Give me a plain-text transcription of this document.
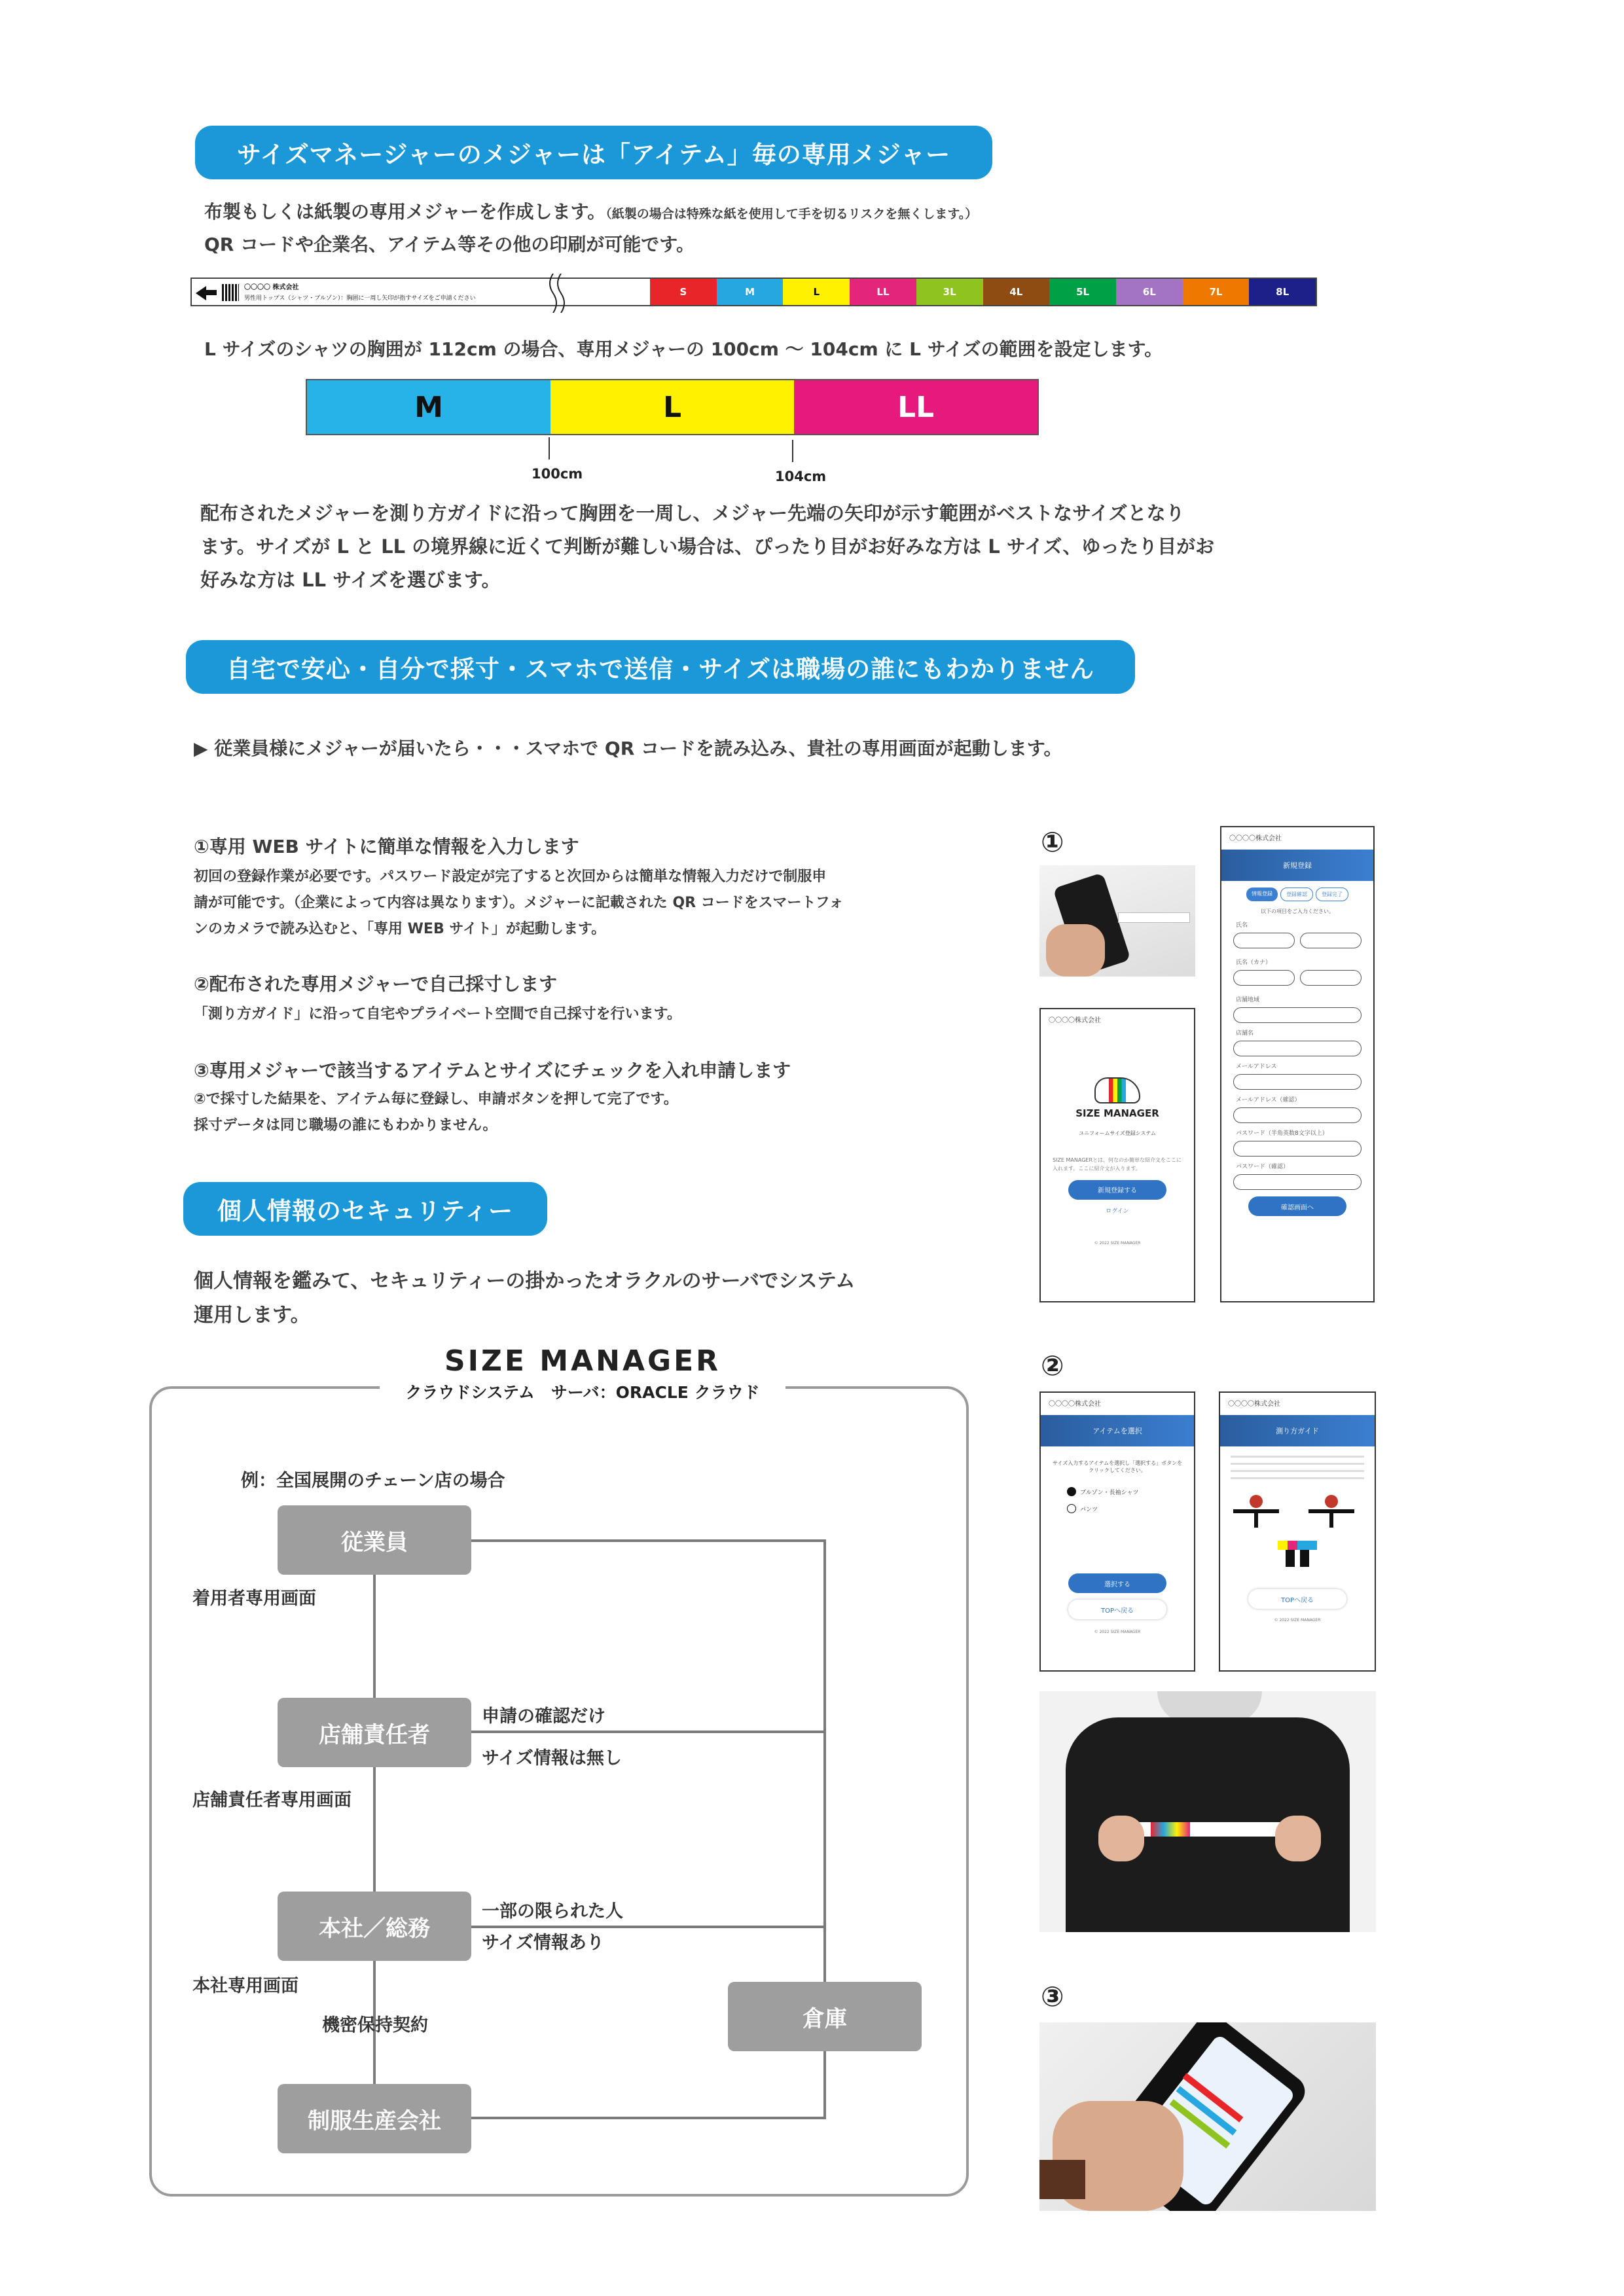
サイズマネージャーのメジャーは「アイテム」毎の専用メジャー
布製もしくは紙製の専用メジャーを作成します。（紙製の場合は特殊な紙を使用して手を切るリスクを無くします。）
QR コードや企業名、アイテム等その他の印刷が可能です。
〇〇〇〇 株式会社
男性用トップス（シャツ・ブルゾン）：胸囲に一周し矢印が指すサイズをご申請ください
S	M	L	LL	3L	4L	5L	6L	7L	8L
L サイズのシャツの胸囲が 112cm の場合、専用メジャーの 100cm ～ 104cm に L サイズの範囲を設定します。
M	L	LL
100cm	104cm
配布されたメジャーを測り方ガイドに沿って胸囲を一周し、メジャー先端の矢印が示す範囲がベストなサイズとなり
ます。サイズが L と LL の境界線に近くて判断が難しい場合は、ぴったり目がお好みな方は L サイズ、ゆったり目がお
好みな方は LL サイズを選びます。
自宅で安心・自分で採寸・スマホで送信・サイズは職場の誰にもわかりません
▶ 従業員様にメジャーが届いたら・・・スマホで QR コードを読み込み、貴社の専用画面が起動します。
①専用 WEB サイトに簡単な情報を入力します
初回の登録作業が必要です。パスワード設定が完了すると次回からは簡単な情報入力だけで制服申
請が可能です。（企業によって内容は異なります）。メジャーに記載された QR コードをスマートフォ
ンのカメラで読み込むと、「専用 WEB サイト」が起動します。
②配布された専用メジャーで自己採寸します
「測り方ガイド」に沿って自宅やプライベート空間で自己採寸を行います。
③専用メジャーで該当するアイテムとサイズにチェックを入れ申請します
②で採寸した結果を、アイテム毎に登録し、申請ボタンを押して完了です。
採寸データは同じ職場の誰にもわかりません。
個人情報のセキュリティー
個人情報を鑑みて、セキュリティーの掛かったオラクルのサーバでシステム
運用します。
SIZE MANAGER
クラウドシステム　サーバ：ORACLE クラウド
例：全国展開のチェーン店の場合
従業員
着用者専用画面
店舗責任者
申請の確認だけ
サイズ情報は無し
店舗責任者専用画面
本社／総務
一部の限られた人
サイズ情報あり
本社専用画面
機密保持契約
制服生産会社
倉庫
①	〇〇〇〇株式会社
新規登録
情報登録	登録確認	登録完了
以下の項目をご入力ください。
氏名
氏名（カナ）
店舗地域
店舗名
メールアドレス
メールアドレス（確認）
パスワード（半角英数8文字以上）
パスワード（確認）
確認画面へ
〇〇〇〇株式会社
SIZE MANAGER
ユニフォームサイズ登録システム
SIZE MANAGERとは、何なのか簡単な紹介文をここに入れます。ここに紹介文が入ります。
新規登録する
ログイン
© 2022 SIZE MANAGER
②
〇〇〇〇株式会社
アイテムを選択
サイズ入力するアイテムを選択し「選択する」ボタンをクリックしてください。
ブルゾン・長袖シャツ
パンツ
選択する
TOPへ戻る
© 2022 SIZE MANAGER
〇〇〇〇株式会社
測り方ガイド
TOPへ戻る
© 2022 SIZE MANAGER
③
